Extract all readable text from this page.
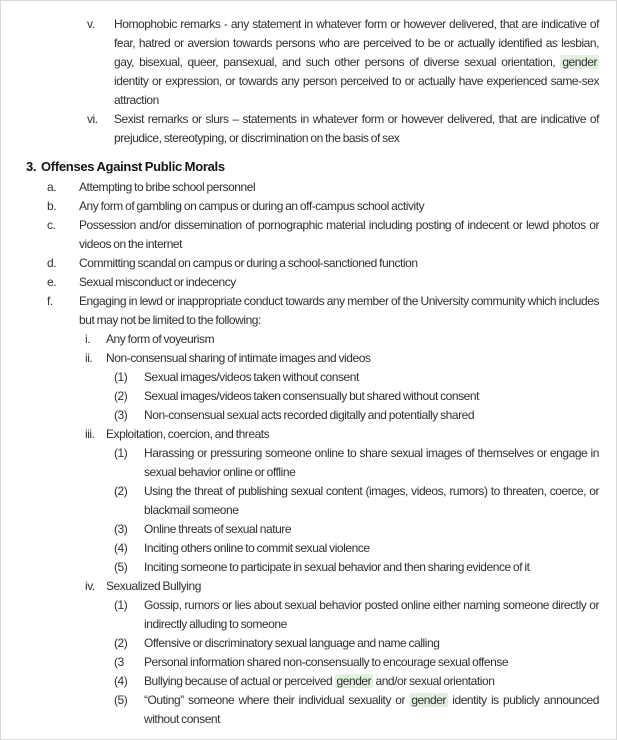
v.	Homophobic remarks - any statement in whatever form or however delivered, that are indicative of fear, hatred or aversion towards persons who are perceived to be or actually identified as lesbian, gay, bisexual, queer, pansexual, and such other persons of diverse sexual orientation, gender identity or expression, or towards any person perceived to or actually have experienced same-sex attraction
vi.	Sexist remarks or slurs – statements in whatever form or however delivered, that are indicative of prejudice, stereotyping, or discrimination on the basis of sex
3. Offenses Against Public Morals
a. Attempting to bribe school personnel
b. Any form of gambling on campus or during an off-campus school activity
c. Possession and/or dissemination of pornographic material including posting of indecent or lewd photos or videos on the internet
d. Committing scandal on campus or during a school-sanctioned function
e. Sexual misconduct or indecency
f. Engaging in lewd or inappropriate conduct towards any member of the University community which includes but may not be limited to the following:
i. Any form of voyeurism
ii. Non-consensual sharing of intimate images and videos
(1) Sexual images/videos taken without consent
(2) Sexual images/videos taken consensually but shared without consent
(3) Non-consensual sexual acts recorded digitally and potentially shared
iii. Exploitation, coercion, and threats
(1) Harassing or pressuring someone online to share sexual images of themselves or engage in sexual behavior online or offline
(2) Using the threat of publishing sexual content (images, videos, rumors) to threaten, coerce, or blackmail someone
(3) Online threats of sexual nature
(4) Inciting others online to commit sexual violence
(5) Inciting someone to participate in sexual behavior and then sharing evidence of it
iv. Sexualized Bullying
(1) Gossip, rumors or lies about sexual behavior posted online either naming someone directly or indirectly alluding to someone
(2) Offensive or discriminatory sexual language and name calling
(3 Personal information shared non-consensually to encourage sexual offense
(4) Bullying because of actual or perceived gender and/or sexual orientation
(5) “Outing” someone where their individual sexuality or gender identity is publicly announced without consent
